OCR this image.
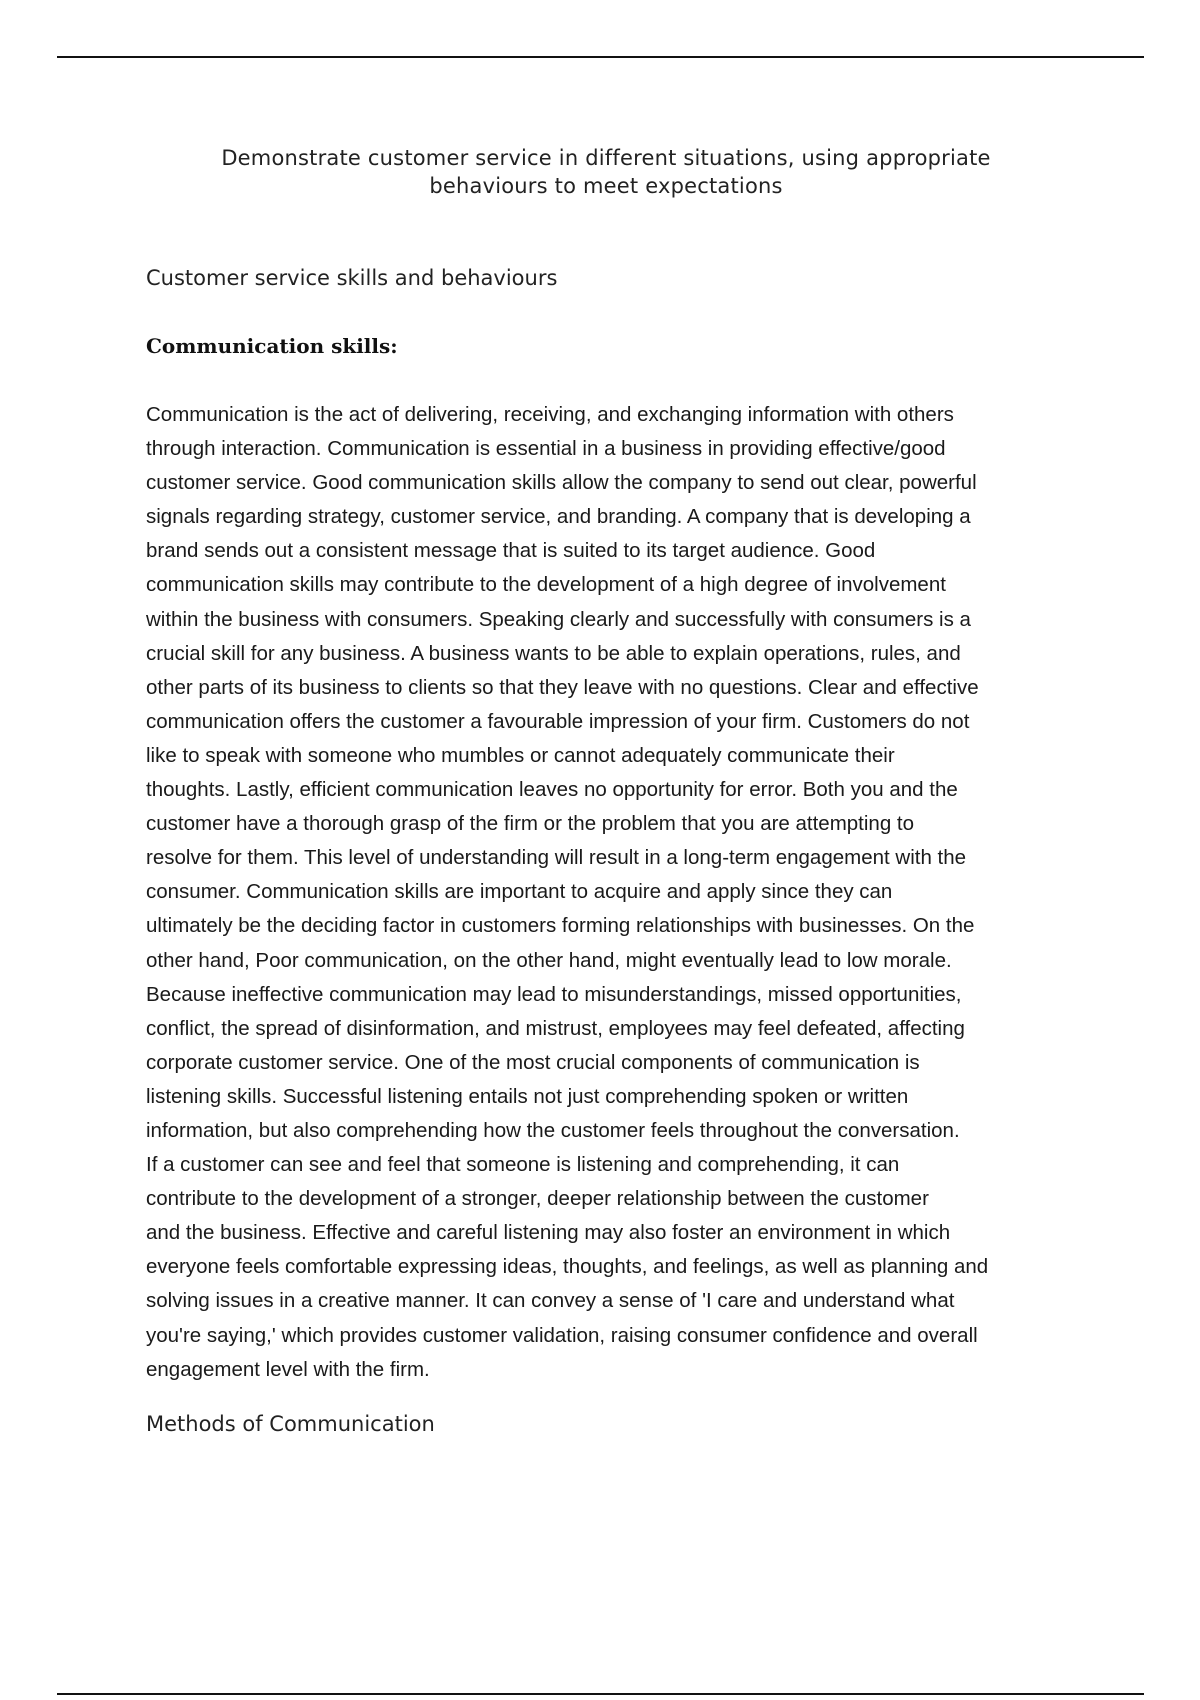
Demonstrate customer service in different situations, using appropriate
behaviours to meet expectations
Customer service skills and behaviours
Communication skills:
Communication is the act of delivering, receiving, and exchanging information with others
through interaction. Communication is essential in a business in providing effective/good
customer service. Good communication skills allow the company to send out clear, powerful
signals regarding strategy, customer service, and branding. A company that is developing a
brand sends out a consistent message that is suited to its target audience. Good
communication skills may contribute to the development of a high degree of involvement
within the business with consumers. Speaking clearly and successfully with consumers is a
crucial skill for any business. A business wants to be able to explain operations, rules, and
other parts of its business to clients so that they leave with no questions. Clear and effective
communication offers the customer a favourable impression of your firm. Customers do not
like to speak with someone who mumbles or cannot adequately communicate their
thoughts. Lastly, efficient communication leaves no opportunity for error. Both you and the
customer have a thorough grasp of the firm or the problem that you are attempting to
resolve for them. This level of understanding will result in a long-term engagement with the
consumer. Communication skills are important to acquire and apply since they can
ultimately be the deciding factor in customers forming relationships with businesses. On the
other hand, Poor communication, on the other hand, might eventually lead to low morale.
Because ineffective communication may lead to misunderstandings, missed opportunities,
conflict, the spread of disinformation, and mistrust, employees may feel defeated, affecting
corporate customer service. One of the most crucial components of communication is
listening skills. Successful listening entails not just comprehending spoken or written
information, but also comprehending how the customer feels throughout the conversation.
If a customer can see and feel that someone is listening and comprehending, it can
contribute to the development of a stronger, deeper relationship between the customer
and the business. Effective and careful listening may also foster an environment in which
everyone feels comfortable expressing ideas, thoughts, and feelings, as well as planning and
solving issues in a creative manner. It can convey a sense of 'I care and understand what
you're saying,' which provides customer validation, raising consumer confidence and overall
engagement level with the firm.
Methods of Communication
